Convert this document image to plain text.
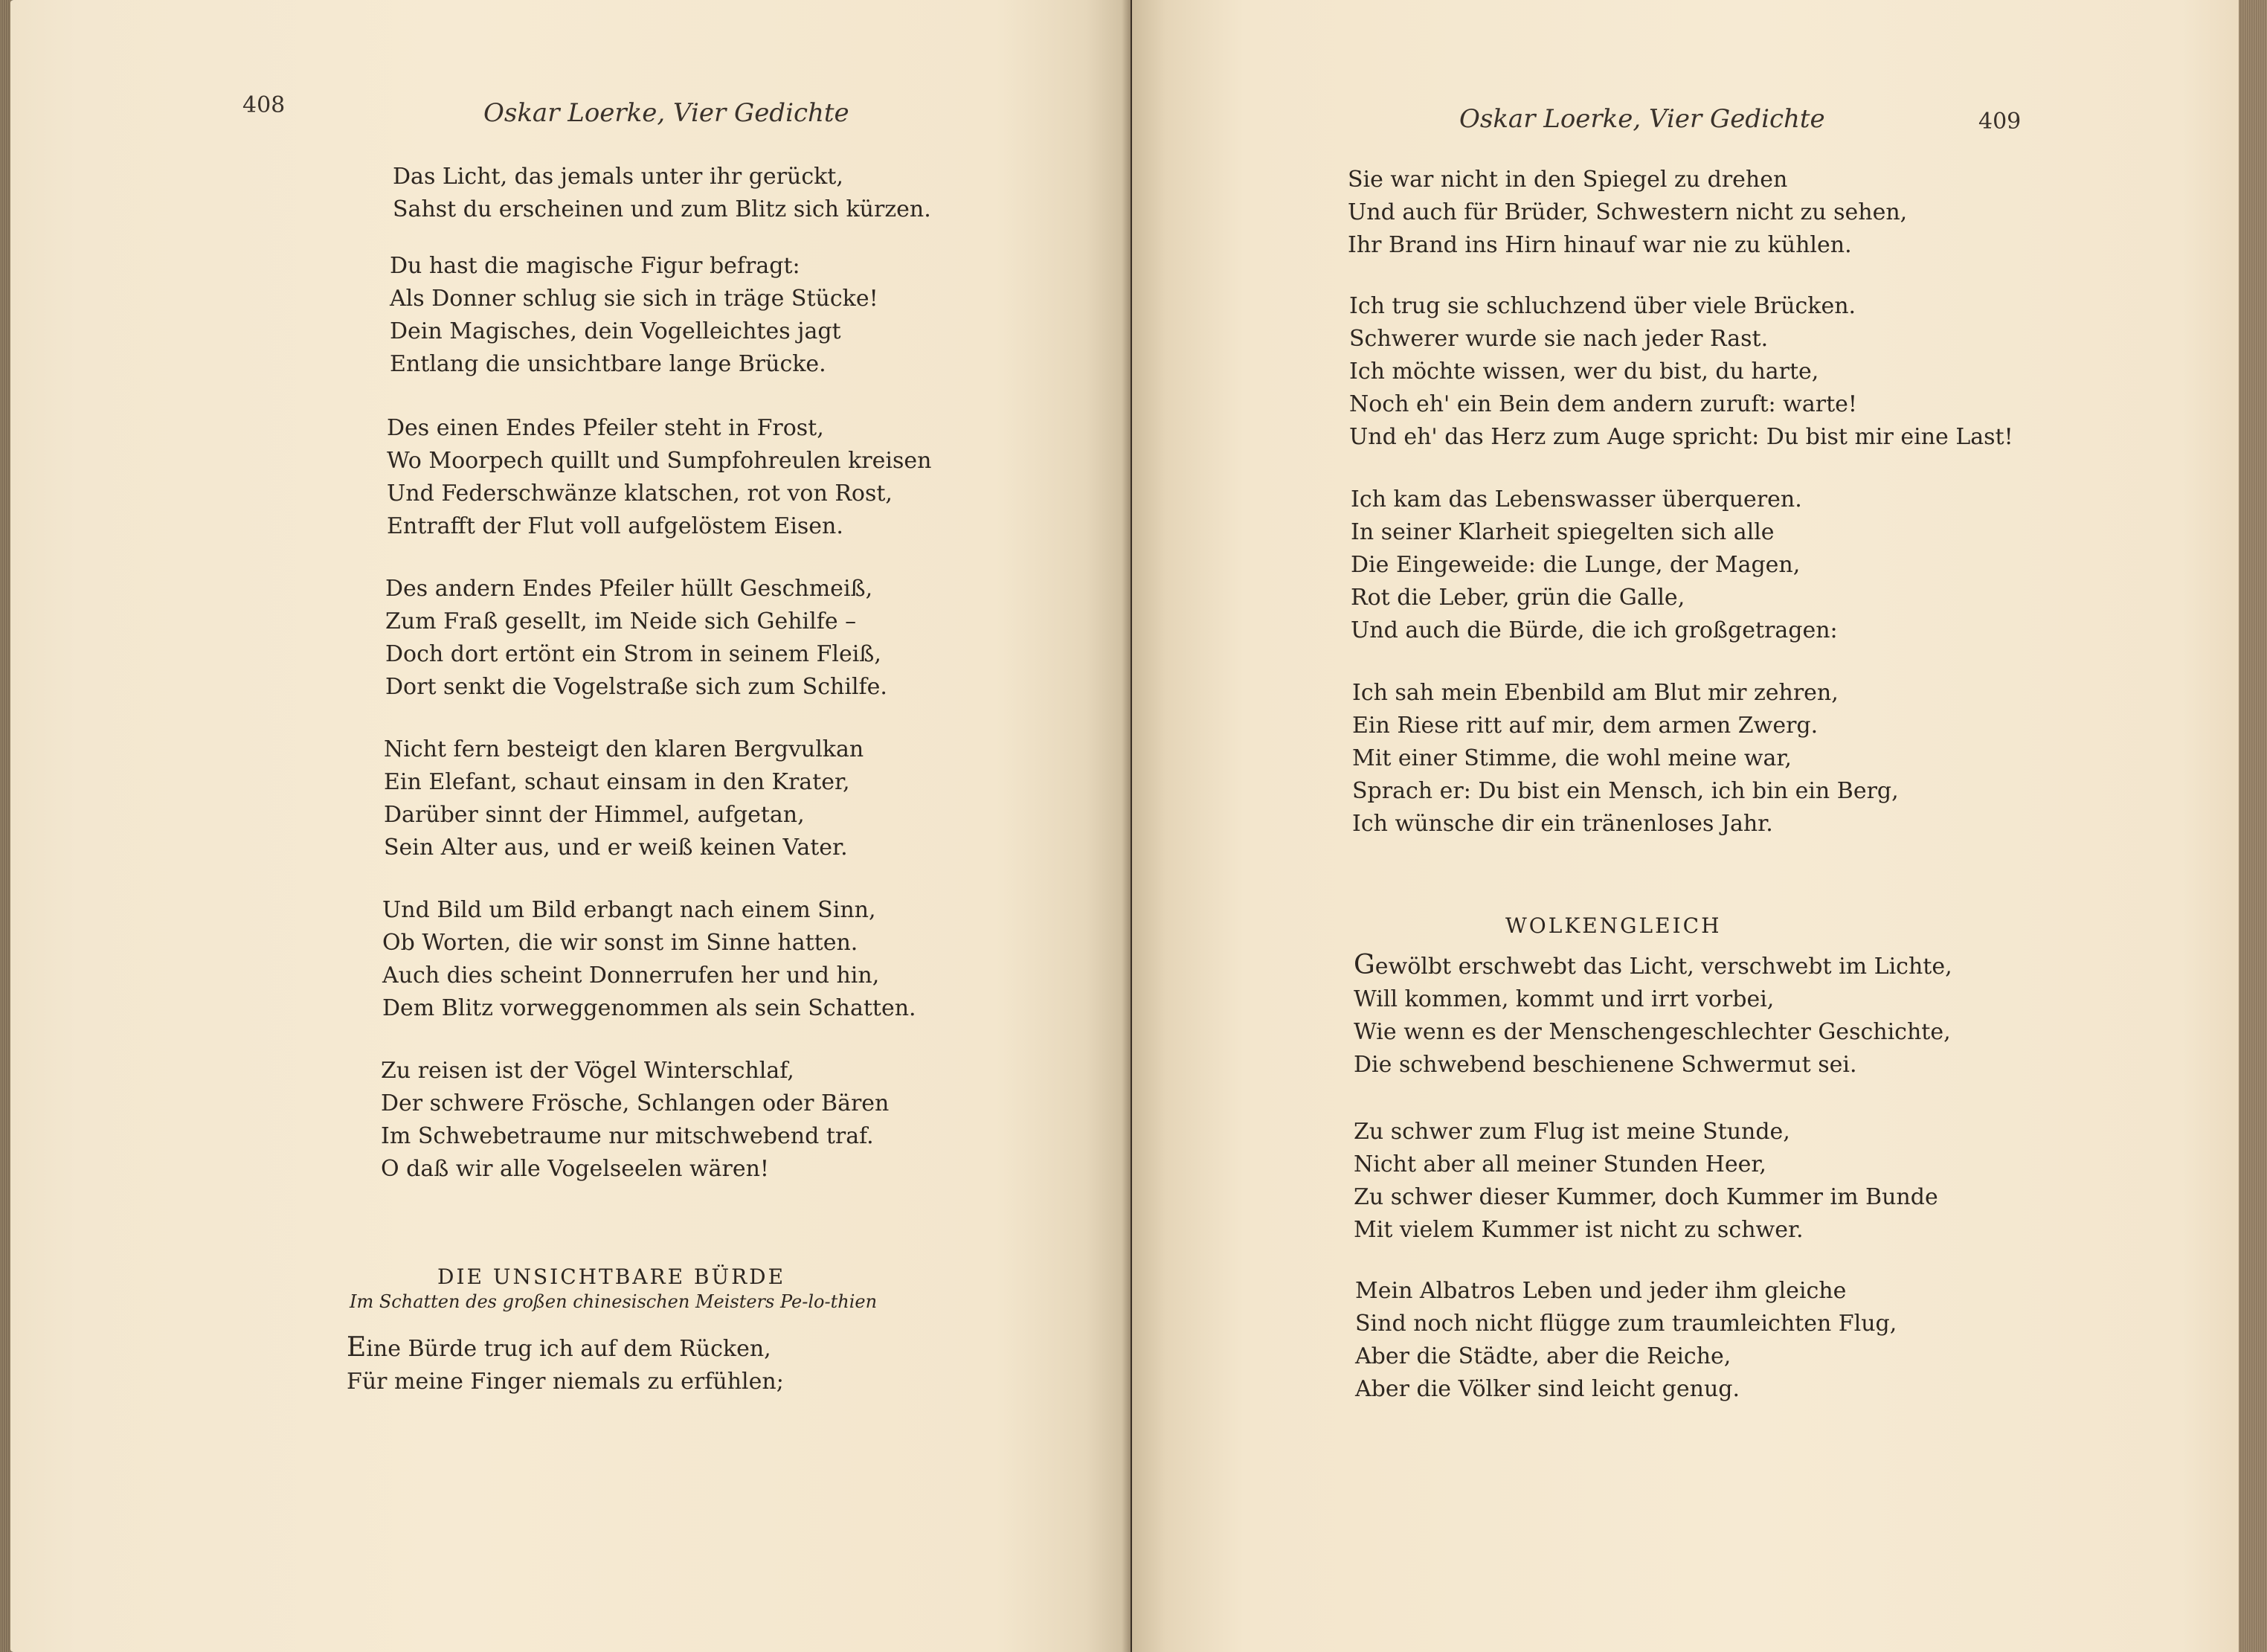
408	Oskar Loerke, Vier Gedichte
Das Licht, das jemals unter ihr gerückt,
Sahst du erscheinen und zum Blitz sich kürzen.
Du hast die magische Figur befragt:
Als Donner schlug sie sich in träge Stücke!
Dein Magisches, dein Vogelleichtes jagt
Entlang die unsichtbare lange Brücke.
Des einen Endes Pfeiler steht in Frost,
Wo Moorpech quillt und Sumpfohreulen kreisen
Und Federschwänze klatschen, rot von Rost,
Entrafft der Flut voll aufgelöstem Eisen.
Des andern Endes Pfeiler hüllt Geschmeiß,
Zum Fraß gesellt, im Neide sich Gehilfe –
Doch dort ertönt ein Strom in seinem Fleiß,
Dort senkt die Vogelstraße sich zum Schilfe.
Nicht fern besteigt den klaren Bergvulkan
Ein Elefant, schaut einsam in den Krater,
Darüber sinnt der Himmel, aufgetan,
Sein Alter aus, und er weiß keinen Vater.
Und Bild um Bild erbangt nach einem Sinn,
Ob Worten, die wir sonst im Sinne hatten.
Auch dies scheint Donnerrufen her und hin,
Dem Blitz vorweggenommen als sein Schatten.
Zu reisen ist der Vögel Winterschlaf,
Der schwere Frösche, Schlangen oder Bären
Im Schwebetraume nur mitschwebend traf.
O daß wir alle Vogelseelen wären!
DIE UNSICHTBARE BÜRDE
Im Schatten des großen chinesischen Meisters Pe-lo-thien
Eine Bürde trug ich auf dem Rücken,
Für meine Finger niemals zu erfühlen;
Oskar Loerke, Vier Gedichte	409
Sie war nicht in den Spiegel zu drehen
Und auch für Brüder, Schwestern nicht zu sehen,
Ihr Brand ins Hirn hinauf war nie zu kühlen.
Ich trug sie schluchzend über viele Brücken.
Schwerer wurde sie nach jeder Rast.
Ich möchte wissen, wer du bist, du harte,
Noch eh' ein Bein dem andern zuruft: warte!
Und eh' das Herz zum Auge spricht: Du bist mir eine Last!
Ich kam das Lebenswasser überqueren.
In seiner Klarheit spiegelten sich alle
Die Eingeweide: die Lunge, der Magen,
Rot die Leber, grün die Galle,
Und auch die Bürde, die ich großgetragen:
Ich sah mein Ebenbild am Blut mir zehren,
Ein Riese ritt auf mir, dem armen Zwerg.
Mit einer Stimme, die wohl meine war,
Sprach er: Du bist ein Mensch, ich bin ein Berg,
Ich wünsche dir ein tränenloses Jahr.
WOLKENGLEICH
Gewölbt erschwebt das Licht, verschwebt im Lichte,
Will kommen, kommt und irrt vorbei,
Wie wenn es der Menschengeschlechter Geschichte,
Die schwebend beschienene Schwermut sei.
Zu schwer zum Flug ist meine Stunde,
Nicht aber all meiner Stunden Heer,
Zu schwer dieser Kummer, doch Kummer im Bunde
Mit vielem Kummer ist nicht zu schwer.
Mein Albatros Leben und jeder ihm gleiche
Sind noch nicht flügge zum traumleichten Flug,
Aber die Städte, aber die Reiche,
Aber die Völker sind leicht genug.
